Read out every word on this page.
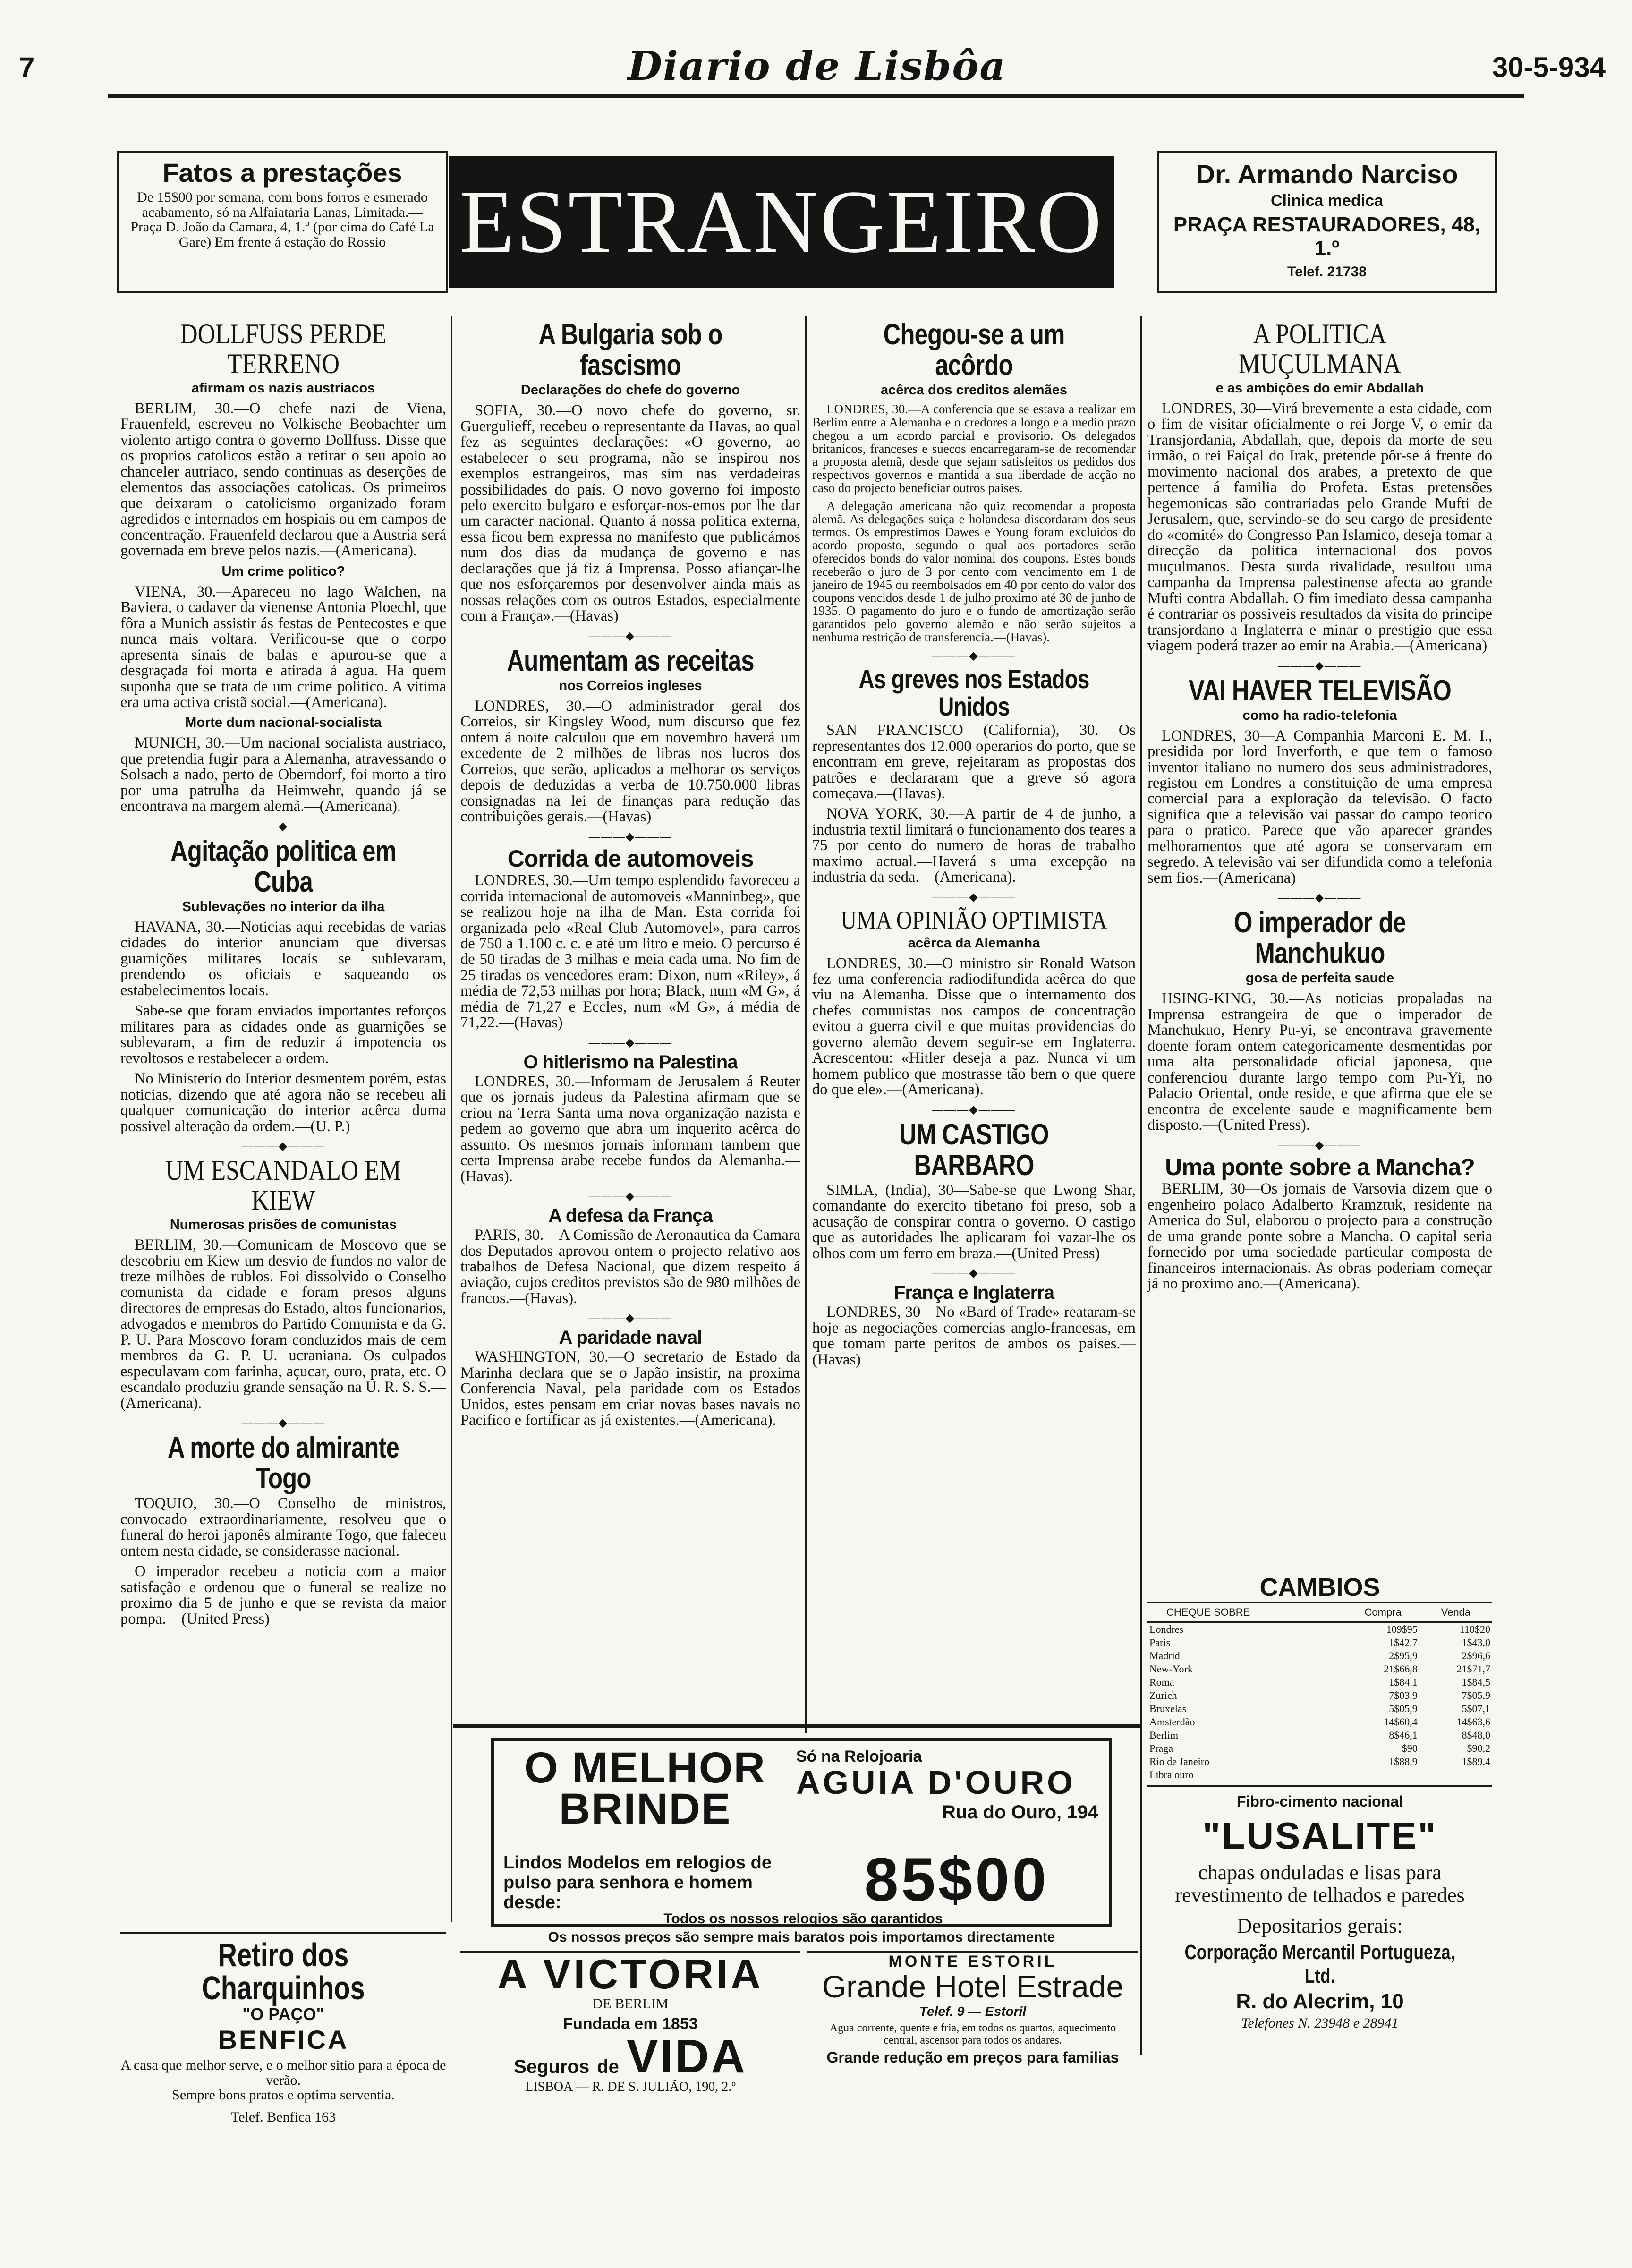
7	Diario de Lisbôa	30-5-934
Fatos a prestações
De 15$00 por semana, com bons forros e esmerado acabamento, só na Alfaiataria Lanas, Limitada.—Praça D. João da Camara, 4, 1.º (por cima do Café La Gare) Em frente á estação do Rossio ESTRANGEIRO	Dr. Armando Narciso
Clinica medica
PRAÇA RESTAURADORES, 48, 1.º
Telef. 21738
DOLLFUSS PERDE TERRENO
afirmam os nazis austriacos

BERLIM, 30.—O chefe nazi de Viena, Frauenfeld, escreveu no Volkische Beobachter um violento artigo contra o governo Dollfuss. Disse que os proprios catolicos estão a retirar o seu apoio ao chanceler autriaco, sendo continuas as deserções de elementos das associações catolicas. Os primeiros que deixaram o catolicismo organizado foram agredidos e internados em hospiais ou em campos de concentração. Frauenfeld declarou que a Austria será governada em breve pelos nazis.—(Americana).

Um crime politico?

VIENA, 30.—Apareceu no lago Walchen, na Baviera, o cadaver da vienense Antonia Ploechl, que fôra a Munich assistir ás festas de Pentecostes e que nunca mais voltara. Verificou-se que o corpo apresenta sinais de balas e apurou-se que a desgraçada foi morta e atirada á agua. Ha quem suponha que se trata de um crime politico. A vitima era uma activa cristã social.—(Americana).

Morte dum nacional-socialista

MUNICH, 30.—Um nacional socialista austriaco, que pretendia fugir para a Alemanha, atravessando o Solsach a nado, perto de Oberndorf, foi morto a tiro por uma patrulha da Heimwehr, quando já se encontrava na margem alemã.—(Americana).

———◆———
Agitação politica em Cuba
Sublevações no interior da ilha

HAVANA, 30.—Noticias aqui recebidas de varias cidades do interior anunciam que diversas guarnições militares locais se sublevaram, prendendo os oficiais e saqueando os estabelecimentos locais.

Sabe-se que foram enviados importantes reforços militares para as cidades onde as guarnições se sublevaram, a fim de reduzir á impotencia os revoltosos e restabelecer a ordem.

No Ministerio do Interior desmentem porém, estas noticias, dizendo que até agora não se recebeu ali qualquer comunicação do interior acêrca duma possivel alteração da ordem.—(U. P.)

———◆———
UM ESCANDALO EM KIEW
Numerosas prisões de comunistas

BERLIM, 30.—Comunicam de Moscovo que se descobriu em Kiew um desvio de fundos no valor de treze milhões de rublos. Foi dissolvido o Conselho comunista da cidade e foram presos alguns directores de empresas do Estado, altos funcionarios, advogados e membros do Partido Comunista e da G. P. U. Para Moscovo foram conduzidos mais de cem membros da G. P. U. ucraniana. Os culpados especulavam com farinha, açucar, ouro, prata, etc. O escandalo produziu grande sensação na U. R. S. S.—(Americana).

———◆———
A morte do almirante Togo

TOQUIO, 30.—O Conselho de ministros, convocado extraordinariamente, resolveu que o funeral do heroi japonês almirante Togo, que faleceu ontem nesta cidade, se considerasse nacional.

O imperador recebeu a noticia com a maior satisfação e ordenou que o funeral se realize no proximo dia 5 de junho e que se revista da maior pompa.—(United Press)

Retiro dos Charquinhos
"O PAÇO"
BENFICA
A casa que melhor serve, e o melhor sitio para a época de verão.
Sempre bons pratos e optima serventia.
Telef. Benfica 163
A Bulgaria sob o fascismo
Declarações do chefe do governo

SOFIA, 30.—O novo chefe do governo, sr. Guergulieff, recebeu o representante da Havas, ao qual fez as seguintes declarações:—«O governo, ao estabelecer o seu programa, não se inspirou nos exemplos estrangeiros, mas sim nas verdadeiras possibilidades do país. O novo governo foi imposto pelo exercito bulgaro e esforçar-nos-emos por lhe dar um caracter nacional. Quanto á nossa politica externa, essa ficou bem expressa no manifesto que publicámos num dos dias da mudança de governo e nas declarações que já fiz á Imprensa. Posso afiançar-lhe que nos esforçaremos por desenvolver ainda mais as nossas relações com os outros Estados, especialmente com a França».—(Havas)

———◆———
Aumentam as receitas
nos Correios ingleses

LONDRES, 30.—O administrador geral dos Correios, sir Kingsley Wood, num discurso que fez ontem á noite calculou que em novembro haverá um excedente de 2 milhões de libras nos lucros dos Correios, que serão, aplicados a melhorar os serviços depois de deduzidas a verba de 10.750.000 libras consignadas na lei de finanças para redução das contribuições gerais.—(Havas)

———◆———
Corrida de automoveis

LONDRES, 30.—Um tempo esplendido favoreceu a corrida internacional de automoveis «Manninbeg», que se realizou hoje na ilha de Man. Esta corrida foi organizada pelo «Real Club Automovel», para carros de 750 a 1.100 c. c. e até um litro e meio. O percurso é de 50 tiradas de 3 milhas e meia cada uma. No fim de 25 tiradas os vencedores eram: Dixon, num «Riley», á média de 72,53 milhas por hora; Black, num «M G», á média de 71,27 e Eccles, num «M G», á média de 71,22.—(Havas)

———◆———
O hitlerismo na Palestina

LONDRES, 30.—Informam de Jerusalem á Reuter que os jornais judeus da Palestina afirmam que se criou na Terra Santa uma nova organização nazista e pedem ao governo que abra um inquerito acêrca do assunto. Os mesmos jornais informam tambem que certa Imprensa arabe recebe fundos da Alemanha.—(Havas).

———◆———
A defesa da França

PARIS, 30.—A Comissão de Aeronautica da Camara dos Deputados aprovou ontem o projecto relativo aos trabalhos de Defesa Nacional, que dizem respeito á aviação, cujos creditos previstos são de 980 milhões de francos.—(Havas).

———◆———
A paridade naval

WASHINGTON, 30.—O secretario de Estado da Marinha declara que se o Japão insistir, na proxima Conferencia Naval, pela paridade com os Estados Unidos, estes pensam em criar novas bases navais no Pacifico e fortificar as já existentes.—(Americana).

Chegou-se a um acôrdo
acêrca dos creditos alemães

LONDRES, 30.—A conferencia que se estava a realizar em Berlim entre a Alemanha e o credores a longo e a medio prazo chegou a um acordo parcial e provisorio. Os delegados britanicos, franceses e suecos encarregaram-se de recomendar a proposta alemã, desde que sejam satisfeitos os pedidos dos respectivos governos e mantida a sua liberdade de acção no caso do projecto beneficiar outros paises.

A delegação americana não quiz recomendar a proposta alemã. As delegações suiça e holandesa discordaram dos seus termos. Os emprestimos Dawes e Young foram excluidos do acordo proposto, segundo o qual aos portadores serão oferecidos bonds do valor nominal dos coupons. Estes bonds receberão o juro de 3 por cento com vencimento em 1 de janeiro de 1945 ou reembolsados em 40 por cento do valor dos coupons vencidos desde 1 de julho proximo até 30 de junho de 1935. O pagamento do juro e o fundo de amortização serão garantidos pelo governo alemão e não serão sujeitos a nenhuma restrição de transferencia.—(Havas).

———◆———
As greves nos Estados Unidos

SAN FRANCISCO (California), 30. Os representantes dos 12.000 operarios do porto, que se encontram em greve, rejeitaram as propostas dos patrões e declararam que a greve só agora começava.—(Havas).

NOVA YORK, 30.—A partir de 4 de junho, a industria textil limitará o funcionamento dos teares a 75 por cento do numero de horas de trabalho maximo actual.—Haverá s uma excepção na industria da seda.—(Americana).

———◆———
UMA OPINIÃO OPTIMISTA
acêrca da Alemanha

LONDRES, 30.—O ministro sir Ronald Watson fez uma conferencia radiodifundida acêrca do que viu na Alemanha. Disse que o internamento dos chefes comunistas nos campos de concentração evitou a guerra civil e que muitas providencias do governo alemão devem seguir-se em Inglaterra. Acrescentou: «Hitler deseja a paz. Nunca vi um homem publico que mostrasse tão bem o que quere do que ele».—(Americana).

———◆———
UM CASTIGO BARBARO

SIMLA, (India), 30—Sabe-se que Lwong Shar, comandante do exercito tibetano foi preso, sob a acusação de conspirar contra o governo. O castigo que as autoridades lhe aplicaram foi vazar-lhe os olhos com um ferro em braza.—(United Press)

———◆———
França e Inglaterra

LONDRES, 30—No «Bard of Trade» reataram-se hoje as negociações comercias anglo-francesas, em que tomam parte peritos de ambos os paises.—(Havas)

A POLITICA MUÇULMANA
e as ambições do emir Abdallah

LONDRES, 30—Virá brevemente a esta cidade, com o fim de visitar oficialmente o rei Jorge V, o emir da Transjordania, Abdallah, que, depois da morte de seu irmão, o rei Faiçal do Irak, pretende pôr-se á frente do movimento nacional dos arabes, a pretexto de que pertence á familia do Profeta. Estas pretensões hegemonicas são contrariadas pelo Grande Mufti de Jerusalem, que, servindo-se do seu cargo de presidente do «comité» do Congresso Pan Islamico, deseja tomar a direcção da politica internacional dos povos muçulmanos. Desta surda rivalidade, resultou uma campanha da Imprensa palestinense afecta ao grande Mufti contra Abdallah. O fim imediato dessa campanha é contrariar os possiveis resultados da visita do principe transjordano a Inglaterra e minar o prestigio que essa viagem poderá trazer ao emir na Arabia.—(Americana)

———◆———
VAI HAVER TELEVISÃO
como ha radio-telefonia

LONDRES, 30—A Companhia Marconi E. M. I., presidida por lord Inverforth, e que tem o famoso inventor italiano no numero dos seus administradores, registou em Londres a constituição de uma empresa comercial para a exploração da televisão. O facto significa que a televisão vai passar do campo teorico para o pratico. Parece que vão aparecer grandes melhoramentos que até agora se conservaram em segredo. A televisão vai ser difundida como a telefonia sem fios.—(Americana)

———◆———
O imperador de Manchukuo
gosa de perfeita saude

HSING-KING, 30.—As noticias propaladas na Imprensa estrangeira de que o imperador de Manchukuo, Henry Pu-yi, se encontrava gravemente doente foram ontem categoricamente desmentidas por uma alta personalidade oficial japonesa, que conferenciou durante largo tempo com Pu-Yi, no Palacio Oriental, onde reside, e que afirma que ele se encontra de excelente saude e magnificamente bem disposto.—(United Press).

———◆———
Uma ponte sobre a Mancha?

BERLIM, 30—Os jornais de Varsovia dizem que o engenheiro polaco Adalberto Kramztuk, residente na America do Sul, elaborou o projecto para a construção de uma grande ponte sobre a Mancha. O capital seria fornecido por uma sociedade particular composta de financeiros internacionais. As obras poderiam começar já no proximo ano.—(Americana).

CAMBIOS
CHEQUE SOBRE	Compra	Venda
Londres	109$95	110$20
Paris	1$42,7	1$43,0
Madrid	2$95,9	2$96,6
New-York	21$66,8	21$71,7
Roma	1$84,1	1$84,5
Zurich	7$03,9	7$05,9
Bruxelas	5$05,9	5$07,1
Amsterdão	14$60,4	14$63,6
Berlim	8$46,1	8$48,0
Praga	$90	$90,2
Rio de Janeiro	1$88,9	1$89,4
Libra ouro		
Fibro-cimento nacional
"LUSALITE"
chapas onduladas e lisas para revestimento de telhados e paredes
Depositarios gerais:
Corporação Mercantil Portugueza, Ltd.
R. do Alecrim, 10
Telefones N. 23948 e 28941
O MELHOR
BRINDE
Só na Relojoaria
AGUIA D'OURO
Rua do Ouro, 194
Lindos Modelos em relogios de pulso para senhora e homem desde:	85$00
Todos os nossos relogios são garantidos
Os nossos preços são sempre mais baratos pois importamos directamente
A VICTORIA
DE BERLIM
Fundada em 1853
Seguros de VIDA
LISBOA — R. DE S. JULIÃO, 190, 2.º
MONTE ESTORIL
Grande Hotel Estrade
Telef. 9 — Estoril
Agua corrente, quente e fria, em todos os quartos, aquecimento central, ascensor para todos os andares.
Grande redução em preços para familias
